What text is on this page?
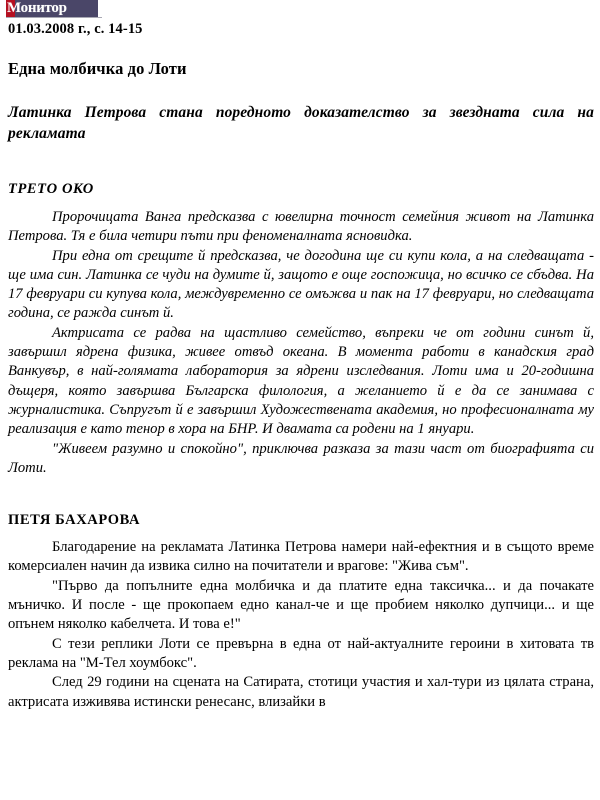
Монитор
01.03.2008 г., с. 14-15
Една молбичка до Лоти
Латинка Петрова стана поредното доказателство за звездната сила на рекламата
ТРЕТО ОКО

Пророчицата Ванга предсказва с ювелирна точност семейния живот на Латинка Петрова. Тя е била четири пъти при феноменалната ясновидка.

При една от срещите й предсказва, че догодина ще си купи кола, а на следващата - ще има син. Латинка се чуди на думите й, защото е още госпожица, но всичко се сбъдва. На 17 февруари си купува кола, междувременно се омъжва и пак на 17 февруари, но следващата година, се ражда синът й.

Актрисата се радва на щастливо семейство, въпреки че от години синът й, завършил ядрена физика, живее отвъд океана. В момента работи в канадския град Ванкувър, в най-голямата лаборатория за ядрени изследвания. Лоти има и 20-годишна дъщеря, която завършва Българска филология, а желанието й е да се занимава с журналистика. Съпругът й е завършил Художествената академия, но професионалната му реализация е като тенор в хора на БНР. И двамата са родени на 1 януари.

"Живеем разумно и спокойно", приключва разказа за тази част от биографията си Лоти.

ПЕТЯ БАХАРОВА

Благодарение на рекламата Латинка Петрова намери най-ефектния и в същото време комерсиален начин да извика силно на почитатели и врагове: "Жива съм".

"Първо да попълните една молбичка и да платите една таксичка... и да почакате мъничко. И после - ще прокопаем едно канал-че и ще пробием няколко дупчици... и ще опънем няколко кабелчета. И това е!"

С тези реплики Лоти се превърна в една от най-актуалните героини в хитовата тв реклама на "М-Тел хоумбокс".

След 29 години на сцената на Сатирата, стотици участия и хал-тури из цялата страна, актрисата изживява истински ренесанс, влизайки в
